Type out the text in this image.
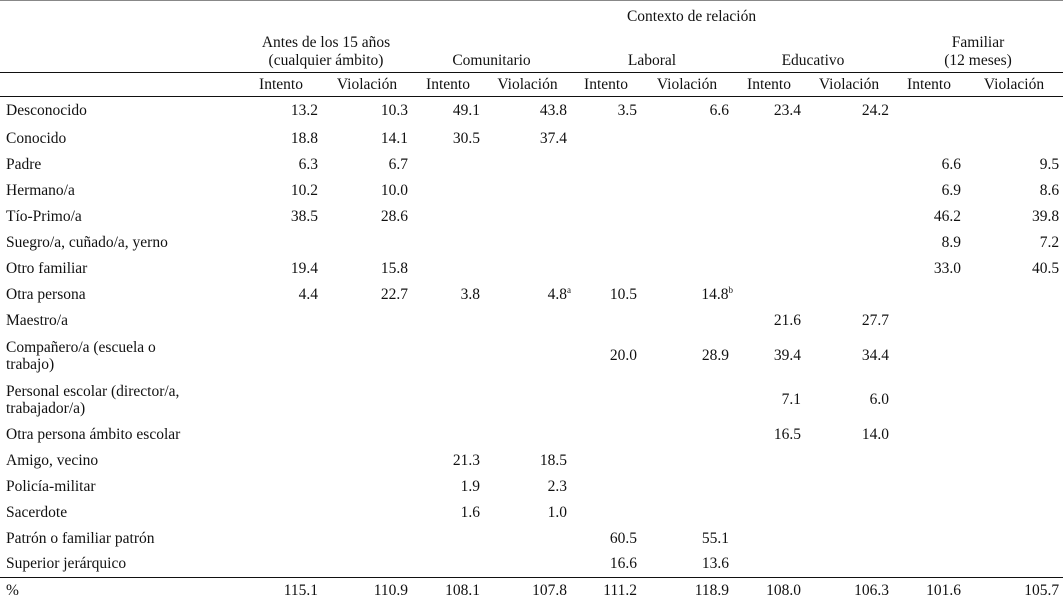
	Contexto de relación									
	Antes de los 15 años
(cualquier ámbito)		Comunitario		Laboral		Educativo		Familiar
(12 meses)	
	Intento	Violación	Intento	Violación	Intento	Violación	Intento	Violación	Intento	Violación
Desconocido	13.2	10.3	49.1	43.8	3.5	6.6	23.4	24.2		
Conocido	18.8	14.1	30.5	37.4						
Padre	6.3	6.7							6.6	9.5
Hermano/a	10.2	10.0							6.9	8.6
Tío-Primo/a	38.5	28.6							46.2	39.8
Suegro/a, cuñado/a, yerno									8.9	7.2
Otro familiar	19.4	15.8							33.0	40.5
Otra persona	4.4	22.7	3.8	4.8$^a$	10.5	14.8$^b$				
Maestro/a							21.6	27.7		
Compañero/a (escuela o
trabajo)					20.0	28.9	39.4	34.4		
Personal escolar (director/a,
trabajador/a)							7.1	6.0		
Otra persona ámbito escolar							16.5	14.0		
Amigo, vecino			21.3	18.5						
Policía-militar			1.9	2.3						
Sacerdote			1.6	1.0						
Patrón o familiar patrón					60.5	55.1				
Superior jerárquico					16.6	13.6				
%	115.1	110.9	108.1	107.8	111.2	118.9	108.0	106.3	101.6	105.7
